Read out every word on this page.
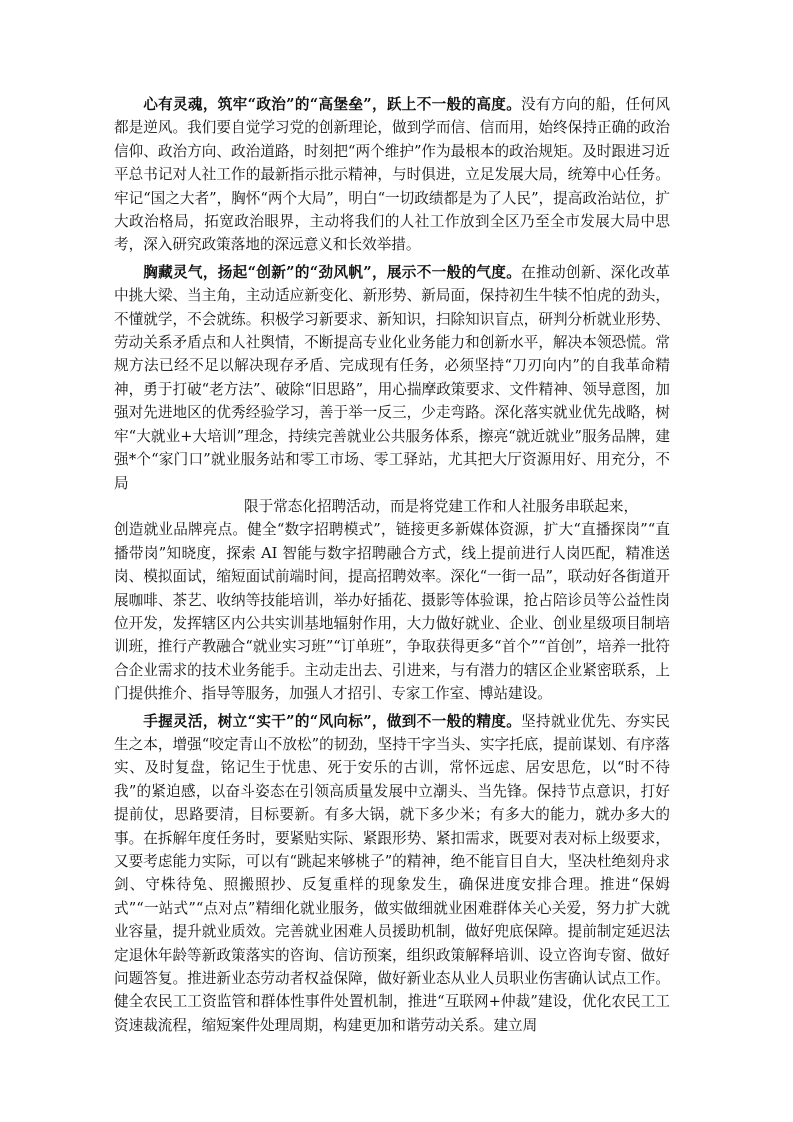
心有灵魂，筑牢“政治”的“高堡垒”，跃上不一般的高度。没有方向的船，任何风都是逆风。我们要自觉学习党的创新理论，做到学而信、信而用，始终保持正确的政治信仰、政治方向、政治道路，时刻把“两个维护”作为最根本的政治规矩。及时跟进习近平总书记对人社工作的最新指示批示精神，与时俱进，立足发展大局，统筹中心任务。牢记“国之大者”，胸怀“两个大局”，明白“一切政绩都是为了人民”，提高政治站位，扩大政治格局，拓宽政治眼界，主动将我们的人社工作放到全区乃至全市发展大局中思考，深入研究政策落地的深远意义和长效举措。

胸藏灵气，扬起“创新”的“劲风帆”，展示不一般的气度。在推动创新、深化改革中挑大梁、当主角，主动适应新变化、新形势、新局面，保持初生牛犊不怕虎的劲头，不懂就学，不会就练。积极学习新要求、新知识，扫除知识盲点，研判分析就业形势、劳动关系矛盾点和人社舆情，不断提高专业化业务能力和创新水平，解决本领恐慌。常规方法已经不足以解决现存矛盾、完成现有任务，必须坚持“刀刃向内”的自我革命精神，勇于打破“老方法”、破除“旧思路”，用心揣摩政策要求、文件精神、领导意图，加强对先进地区的优秀经验学习，善于举一反三，少走弯路。深化落实就业优先战略，树牢“大就业+大培训”理念，持续完善就业公共服务体系，擦亮“就近就业”服务品牌，建强*个“家门口”就业服务站和零工市场、零工驿站，尤其把大厅资源用好、用充分，不局
限于常态化招聘活动，而是将党建工作和人社服务串联起来，
创造就业品牌亮点。健全“数字招聘模式”，链接更多新媒体资源，扩大“直播探岗”“直播带岗”知晓度，探索 AI 智能与数字招聘融合方式，线上提前进行人岗匹配，精准送岗、模拟面试，缩短面试前端时间，提高招聘效率。深化“一街一品”，联动好各街道开展咖啡、茶艺、收纳等技能培训，举办好插花、摄影等体验课，抢占陪诊员等公益性岗位开发，发挥辖区内公共实训基地辐射作用，大力做好就业、企业、创业星级项目制培训班，推行产教融合“就业实习班”“订单班”，争取获得更多“首个”“首创”，培养一批符合企业需求的技术业务能手。主动走出去、引进来，与有潜力的辖区企业紧密联系，上门提供推介、指导等服务，加强人才招引、专家工作室、博站建设。

手握灵活，树立“实干”的“风向标”，做到不一般的精度。坚持就业优先、夯实民生之本，增强“咬定青山不放松”的韧劲，坚持干字当头、实字托底，提前谋划、有序落实、及时复盘，铭记生于忧患、死于安乐的古训，常怀远虑、居安思危，以“时不待我”的紧迫感，以奋斗姿态在引领高质量发展中立潮头、当先锋。保持节点意识，打好提前仗，思路要清，目标要新。有多大锅，就下多少米；有多大的能力，就办多大的事。在拆解年度任务时，要紧贴实际、紧跟形势、紧扣需求，既要对表对标上级要求，又要考虑能力实际，可以有“跳起来够桃子”的精神，绝不能盲目自大，坚决杜绝刻舟求剑、守株待兔、照搬照抄、反复重样的现象发生，确保进度安排合理。推进“保姆式”“一站式”“点对点”精细化就业服务，做实做细就业困难群体关心关爱，努力扩大就业容量，提升就业质效。完善就业困难人员援助机制，做好兜底保障。提前制定延迟法定退休年龄等新政策落实的咨询、信访预案，组织政策解释培训、设立咨询专窗、做好问题答复。推进新业态劳动者权益保障，做好新业态从业人员职业伤害确认试点工作。健全农民工工资监管和群体性事件处置机制，推进“互联网+仲裁”建设，优化农民工工资速裁流程，缩短案件处理周期，构建更加和谐劳动关系。建立周
